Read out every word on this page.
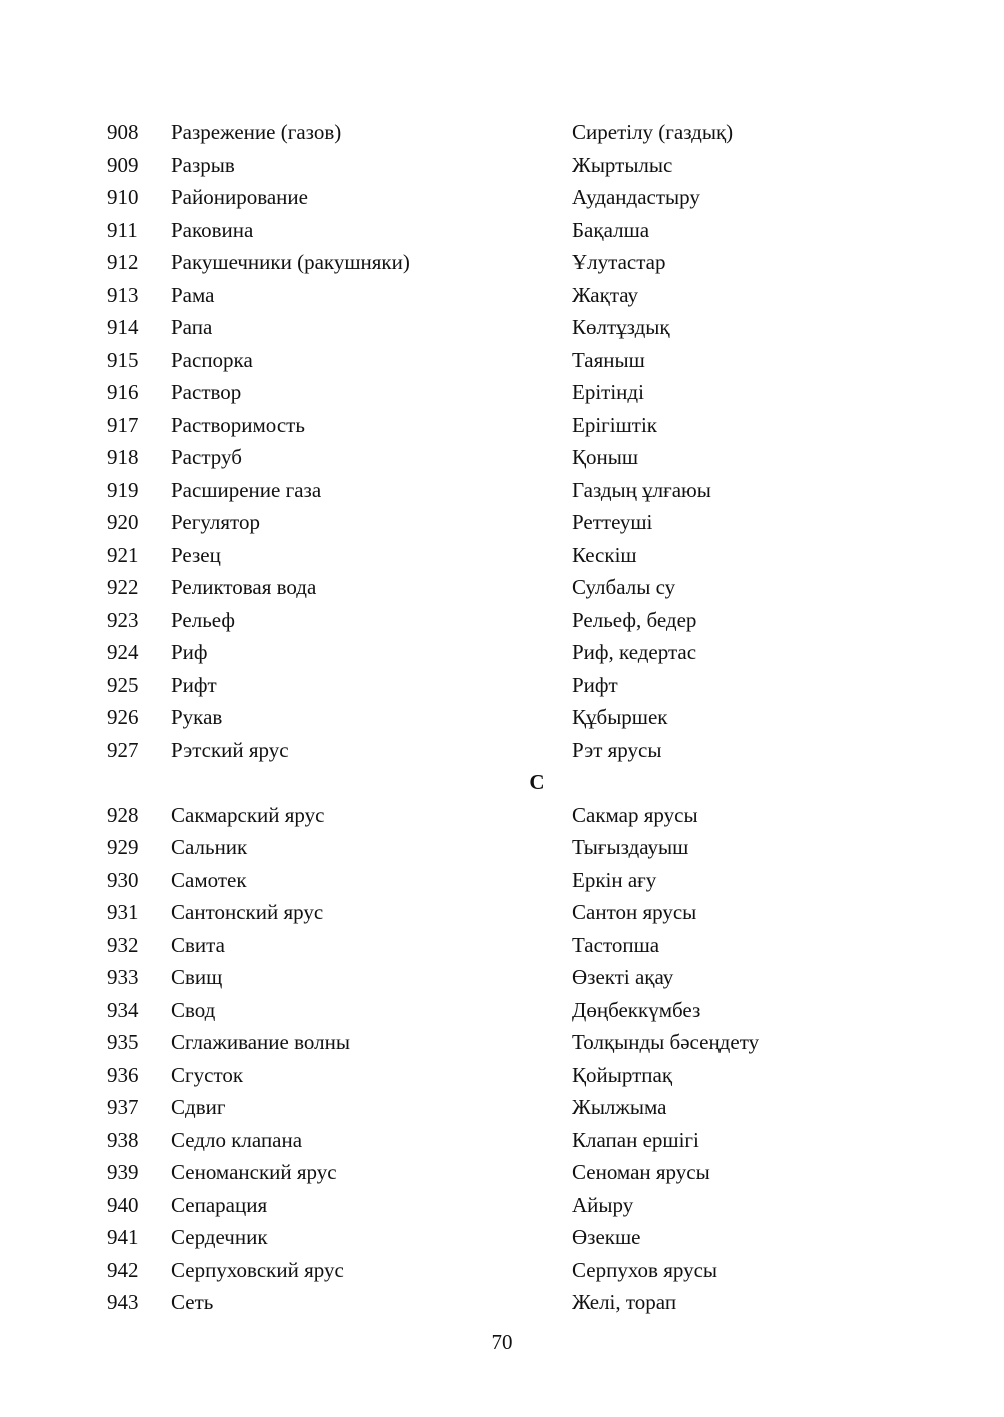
908 Разрежение (газов)	Сиретілу (газдық)
909 Разрыв	Жыртылыс
910 Районирование	Аудандастыру
911 Раковина	Бақалша
912 Ракушечники (ракушняки)	Ұлутастар
913 Рама	Жақтау
914 Рапа	Көлтұздық
915 Распорка	Таяныш
916 Раствор	Ерітінді
917 Растворимость	Ерігіштік
918 Раструб	Қоныш
919 Расширение газа	Газдың ұлғаюы
920 Регулятор	Реттеуші
921 Резец	Кескіш
922 Реликтовая вода	Сулбалы су
923 Рельеф	Рельеф, бедер
924 Риф	Риф, кедертас
925 Рифт	Рифт
926 Рукав	Құбыршек
927 Рэтский ярус	Рэт ярусы
С
928 Сакмарский ярус	Сакмар ярусы
929 Сальник	Тығыздауыш
930 Самотек	Еркін ағу
931 Сантонский ярус	Сантон ярусы
932 Свита	Тастопша
933 Свищ	Өзекті ақау
934 Свод	Дөңбеккүмбез
935 Сглаживание волны	Толқынды бәсеңдету
936 Сгусток	Қойыртпақ
937 Сдвиг	Жылжыма
938 Седло клапана	Клапан ершігі
939 Сеноманский ярус	Сеноман ярусы
940 Сепарация	Айыру
941 Сердечник	Өзекше
942 Серпуховский ярус	Серпухов ярусы
943 Сеть	Желі, торап
70
